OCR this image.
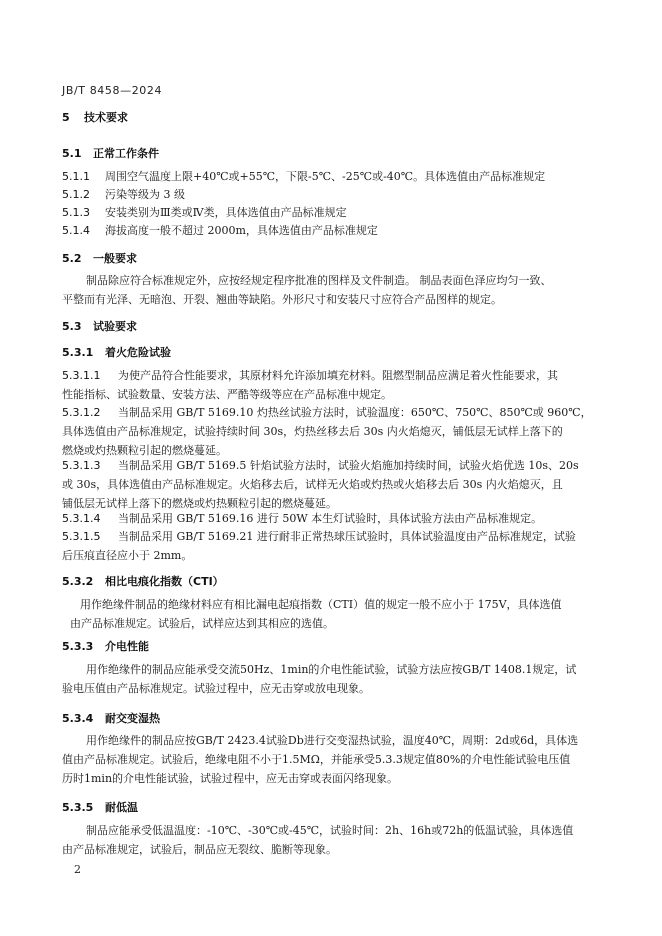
JB/T 8458—2024
5 技术要求
5.1 正常工作条件
5.1.1 周围空气温度上限+40℃或+55℃，下限-5℃、-25℃或-40℃。具体选值由产品标准规定
5.1.2 污染等级为 3 级
5.1.3 安装类别为Ⅲ类或Ⅳ类，具体选值由产品标准规定
5.1.4 海拔高度一般不超过 2000m，具体选值由产品标准规定
5.2 一般要求
制品除应符合标准规定外，应按经规定程序批准的图样及文件制造。 制品表面色泽应均匀一致、
平整而有光泽、无暗泡、开裂、翘曲等缺陷。外形尺寸和安装尺寸应符合产品图样的规定。
5.3 试验要求
5.3.1 着火危险试验
5.3.1.1 为使产品符合性能要求，其原材料允许添加填充材料。阻燃型制品应满足着火性能要求，其
性能指标、试验数量、安装方法、严酷等级等应在产品标准中规定。
5.3.1.2 当制品采用 GB/T 5169.10 灼热丝试验方法时，试验温度：650℃、750℃、850℃或 960℃，
具体选值由产品标准规定，试验持续时间 30s，灼热丝移去后 30s 内火焰熄灭，铺低层无试样上落下的
燃烧或灼热颗粒引起的燃烧蔓延。
5.3.1.3 当制品采用 GB/T 5169.5 针焰试验方法时，试验火焰施加持续时间，试验火焰优选 10s、20s
或 30s，具体选值由产品标准规定。火焰移去后，试样无火焰或灼热或火焰移去后 30s 内火焰熄灭，且
铺低层无试样上落下的燃烧或灼热颗粒引起的燃烧蔓延。
5.3.1.4 当制品采用 GB/T 5169.16 进行 50W 本生灯试验时，具体试验方法由产品标准规定。
5.3.1.5 当制品采用 GB/T 5169.21 进行耐非正常热球压试验时，具体试验温度由产品标准规定，试验
后压痕直径应小于 2mm。
5.3.2 相比电痕化指数（CTI）
用作绝缘件制品的绝缘材料应有相比漏电起痕指数（CTI）值的规定一般不应小于 175V，具体选值
由产品标准规定。试验后，试样应达到其相应的选值。
5.3.3 介电性能
用作绝缘件的制品应能承受交流50Hz、1min的介电性能试验，试验方法应按GB/T 1408.1规定，试
验电压值由产品标准规定。试验过程中，应无击穿或放电现象。
5.3.4 耐交变湿热
用作绝缘件的制品应按GB/T 2423.4试验Db进行交变湿热试验，温度40℃，周期：2d或6d，具体选
值由产品标准规定。试验后，绝缘电阻不小于1.5MΩ，并能承受5.3.3规定值80%的介电性能试验电压值
历时1min的介电性能试验，试验过程中，应无击穿或表面闪络现象。
5.3.5 耐低温
制品应能承受低温温度：-10℃、-30℃或-45℃，试验时间：2h、16h或72h的低温试验，具体选值
由产品标准规定，试验后，制品应无裂纹、脆断等现象。
2
